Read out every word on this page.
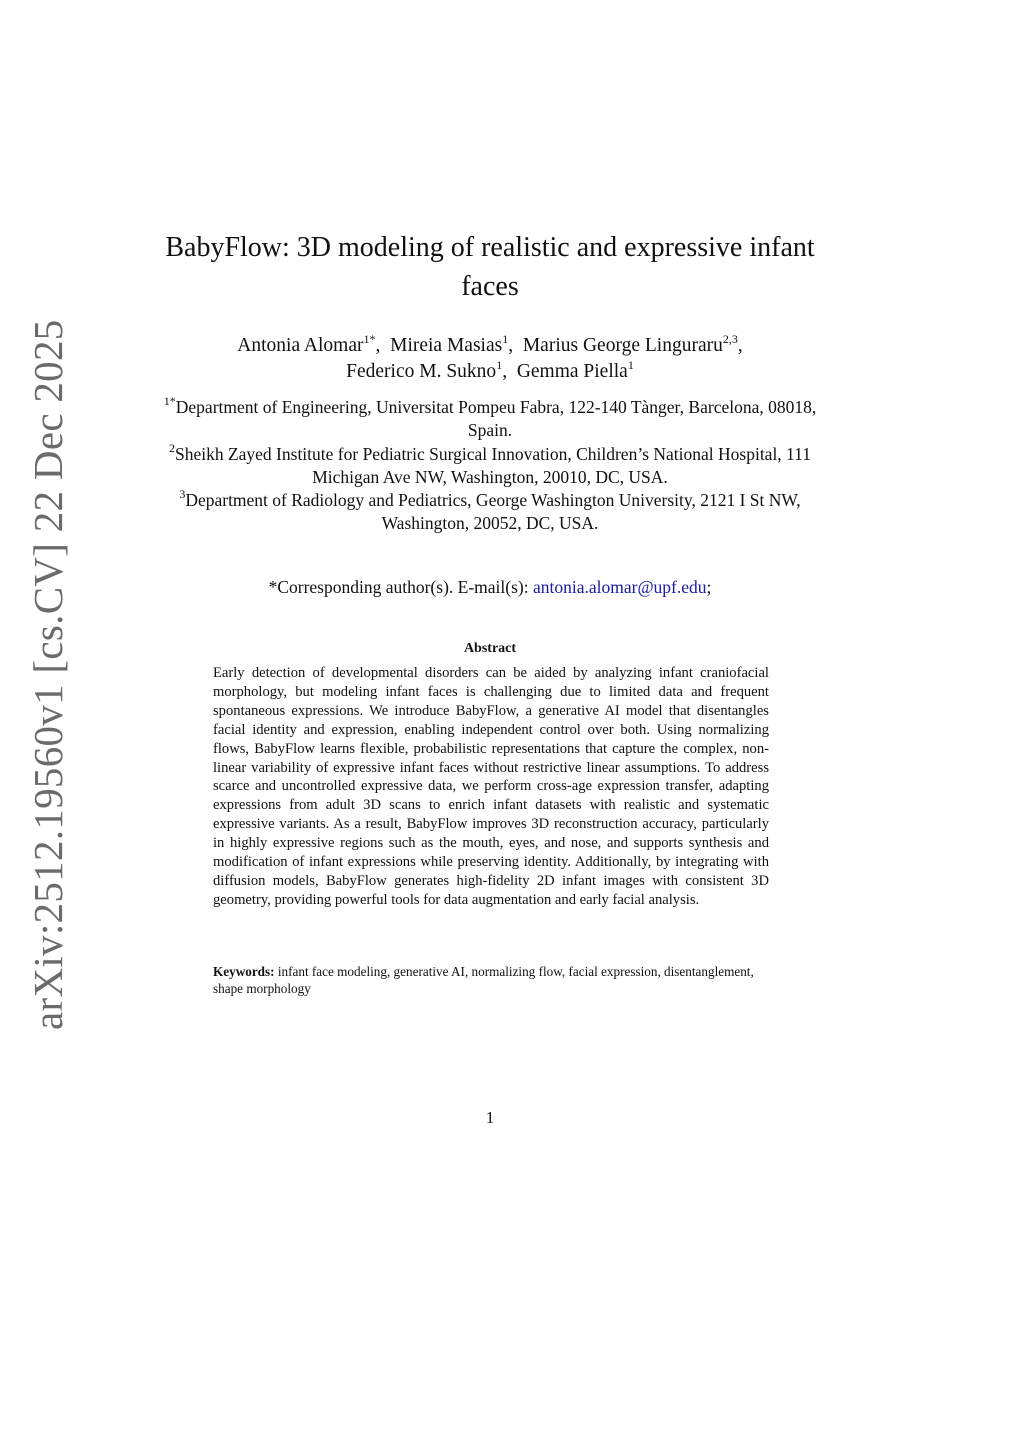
arXiv:2512.19560v1 [cs.CV] 22 Dec 2025
BabyFlow: 3D modeling of realistic and expressive infant faces
Antonia Alomar$^{1*}$, Mireia Masias$^1$, Marius George Linguraru$^{2,3}$,
Federico M. Sukno$^1$, Gemma Piella$^1$
$^{1*}$Department of Engineering, Universitat Pompeu Fabra, 122-140 Tànger, Barcelona, 08018, Spain.
$^2$Sheikh Zayed Institute for Pediatric Surgical Innovation, Children’s National Hospital, 111 Michigan Ave NW, Washington, 20010, DC, USA.
$^3$Department of Radiology and Pediatrics, George Washington University, 2121 I St NW, Washington, 20052, DC, USA.
*Corresponding author(s). E-mail(s): antonia.alomar@upf.edu;
Abstract
Early detection of developmental disorders can be aided by analyzing infant craniofacial morphology, but modeling infant faces is challenging due to limited data and frequent spontaneous expressions. We introduce BabyFlow, a generative AI model that disentangles facial identity and expression, enabling independent control over both. Using normalizing flows, BabyFlow learns flexible, probabilistic representations that capture the complex, non-linear variability of expressive infant faces without restrictive linear assumptions. To address scarce and uncontrolled expressive data, we perform cross-age expression transfer, adapting expressions from adult 3D scans to enrich infant datasets with realistic and systematic expressive variants. As a result, BabyFlow improves 3D reconstruction accuracy, particularly in highly expressive regions such as the mouth, eyes, and nose, and supports synthesis and modification of infant expressions while preserving identity. Additionally, by integrating with diffusion models, BabyFlow generates high-fidelity 2D infant images with consistent 3D geometry, providing powerful tools for data augmentation and early facial analysis.
Keywords: infant face modeling, generative AI, normalizing flow, facial expression, disentanglement, shape morphology
1
